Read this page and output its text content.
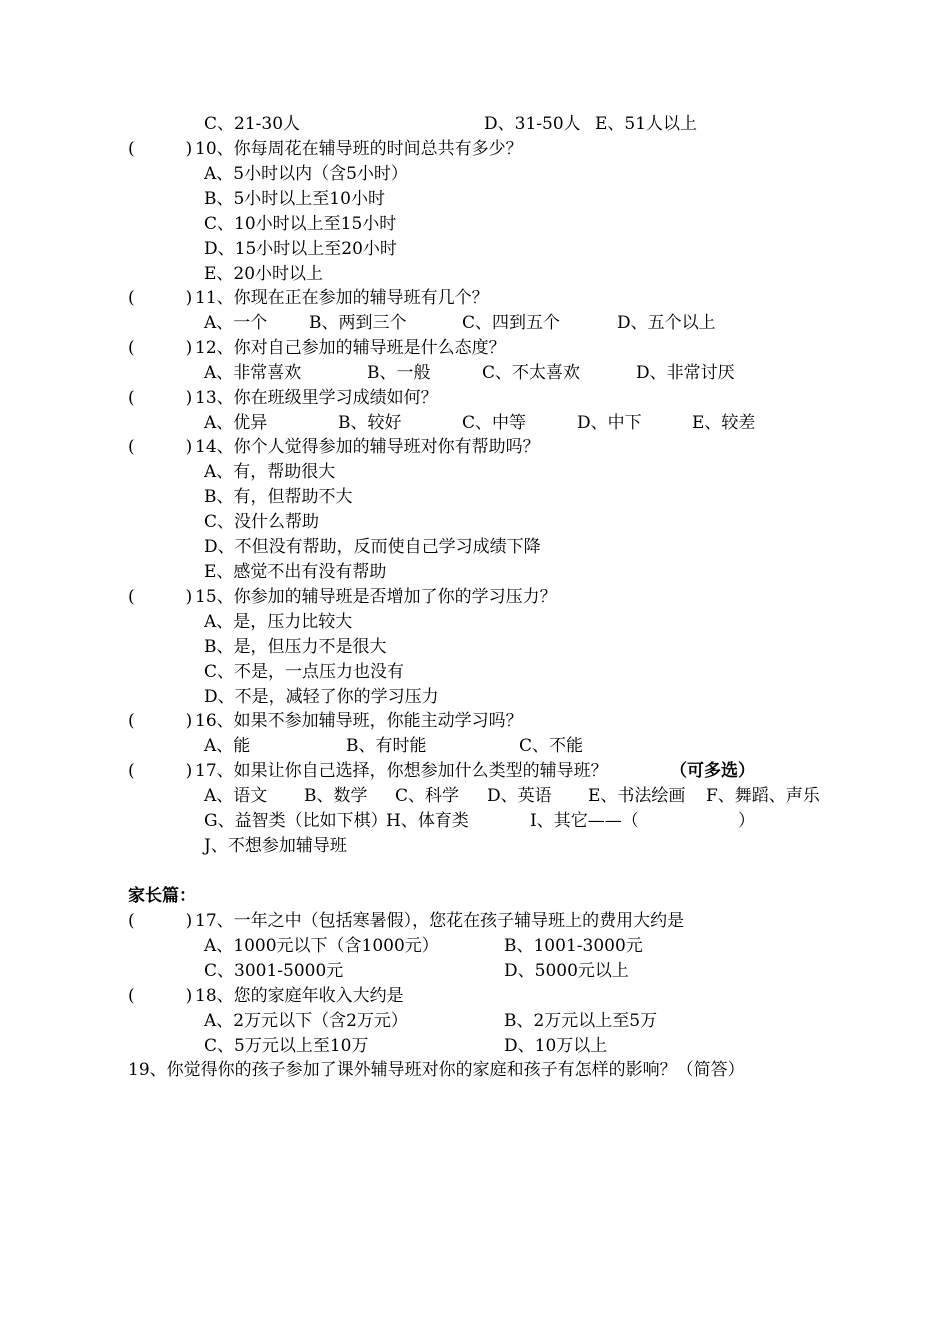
C、21-30人	D、31-50人 E、51人以上
(　　　) 10、你每周花在辅导班的时间总共有多少？
A、5小时以内（含5小时）
B、5小时以上至10小时
C、10小时以上至15小时
D、15小时以上至20小时
E、20小时以上
(　　　) 11、你现在正在参加的辅导班有几个？
A、一个 B、两到三个	C、四到五个	D、五个以上
(　　　) 12、你对自己参加的辅导班是什么态度？
A、非常喜欢	B、一般	C、不太喜欢	D、非常讨厌
(　　　) 13、你在班级里学习成绩如何？
A、优异	B、较好	C、中等	D、中下	E、较差
(　　　) 14、你个人觉得参加的辅导班对你有帮助吗？
A、有，帮助很大
B、有，但帮助不大
C、没什么帮助
D、不但没有帮助，反而使自己学习成绩下降
E、感觉不出有没有帮助
(　　　) 15、你参加的辅导班是否增加了你的学习压力？
A、是，压力比较大
B、是，但压力不是很大
C、不是，一点压力也没有
D、不是，减轻了你的学习压力
(　　　) 16、如果不参加辅导班，你能主动学习吗？
A、能	B、有时能	C、不能
(　　　) 17、如果让你自己选择，你想参加什么类型的辅导班？	（可多选）
A、语文 B、数学 C、科学 D、英语 E、书法绘画 F、舞蹈、声乐
G、益智类（比如下棋）
H、体育类	I、其它——（	）
J、不想参加辅导班
家长篇：
(　　　) 17、一年之中（包括寒暑假），您花在孩子辅导班上的费用大约是
A、1000元以下（含1000元）	B、1001-3000元
C、3001-5000元	D、5000元以上
(　　　) 18、您的家庭年收入大约是
A、2万元以下（含2万元）	B、2万元以上至5万
C、5万元以上至10万	D、10万以上
19、你觉得你的孩子参加了课外辅导班对你的家庭和孩子有怎样的影响？（简答）
